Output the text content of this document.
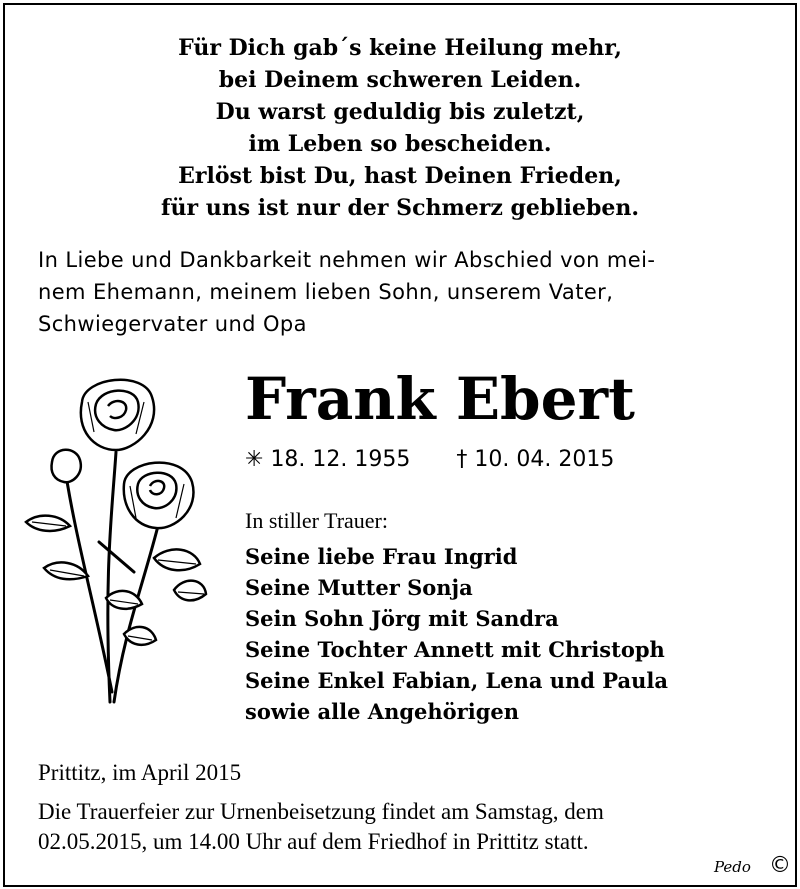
Für Dich gab´s keine Heilung mehr,
bei Deinem schweren Leiden.
Du warst geduldig bis zuletzt,
im Leben so bescheiden.
Erlöst bist Du, hast Deinen Frieden,
für uns ist nur der Schmerz geblieben.
In Liebe und Dankbarkeit nehmen wir Abschied von mei-
nem Ehemann, meinem lieben Sohn, unserem Vater,
Schwiegervater und Opa
Frank Ebert
✳ 18. 12. 1955 † 10. 04. 2015
In stiller Trauer:
Seine liebe Frau Ingrid
Seine Mutter Sonja
Sein Sohn Jörg mit Sandra
Seine Tochter Annett mit Christoph
Seine Enkel Fabian, Lena und Paula
sowie alle Angehörigen
Prittitz, im April 2015
Die Trauerfeier zur Urnenbeisetzung findet am Samstag, dem
02.05.2015, um 14.00 Uhr auf dem Friedhof in Prittitz statt.
Pedo ©
